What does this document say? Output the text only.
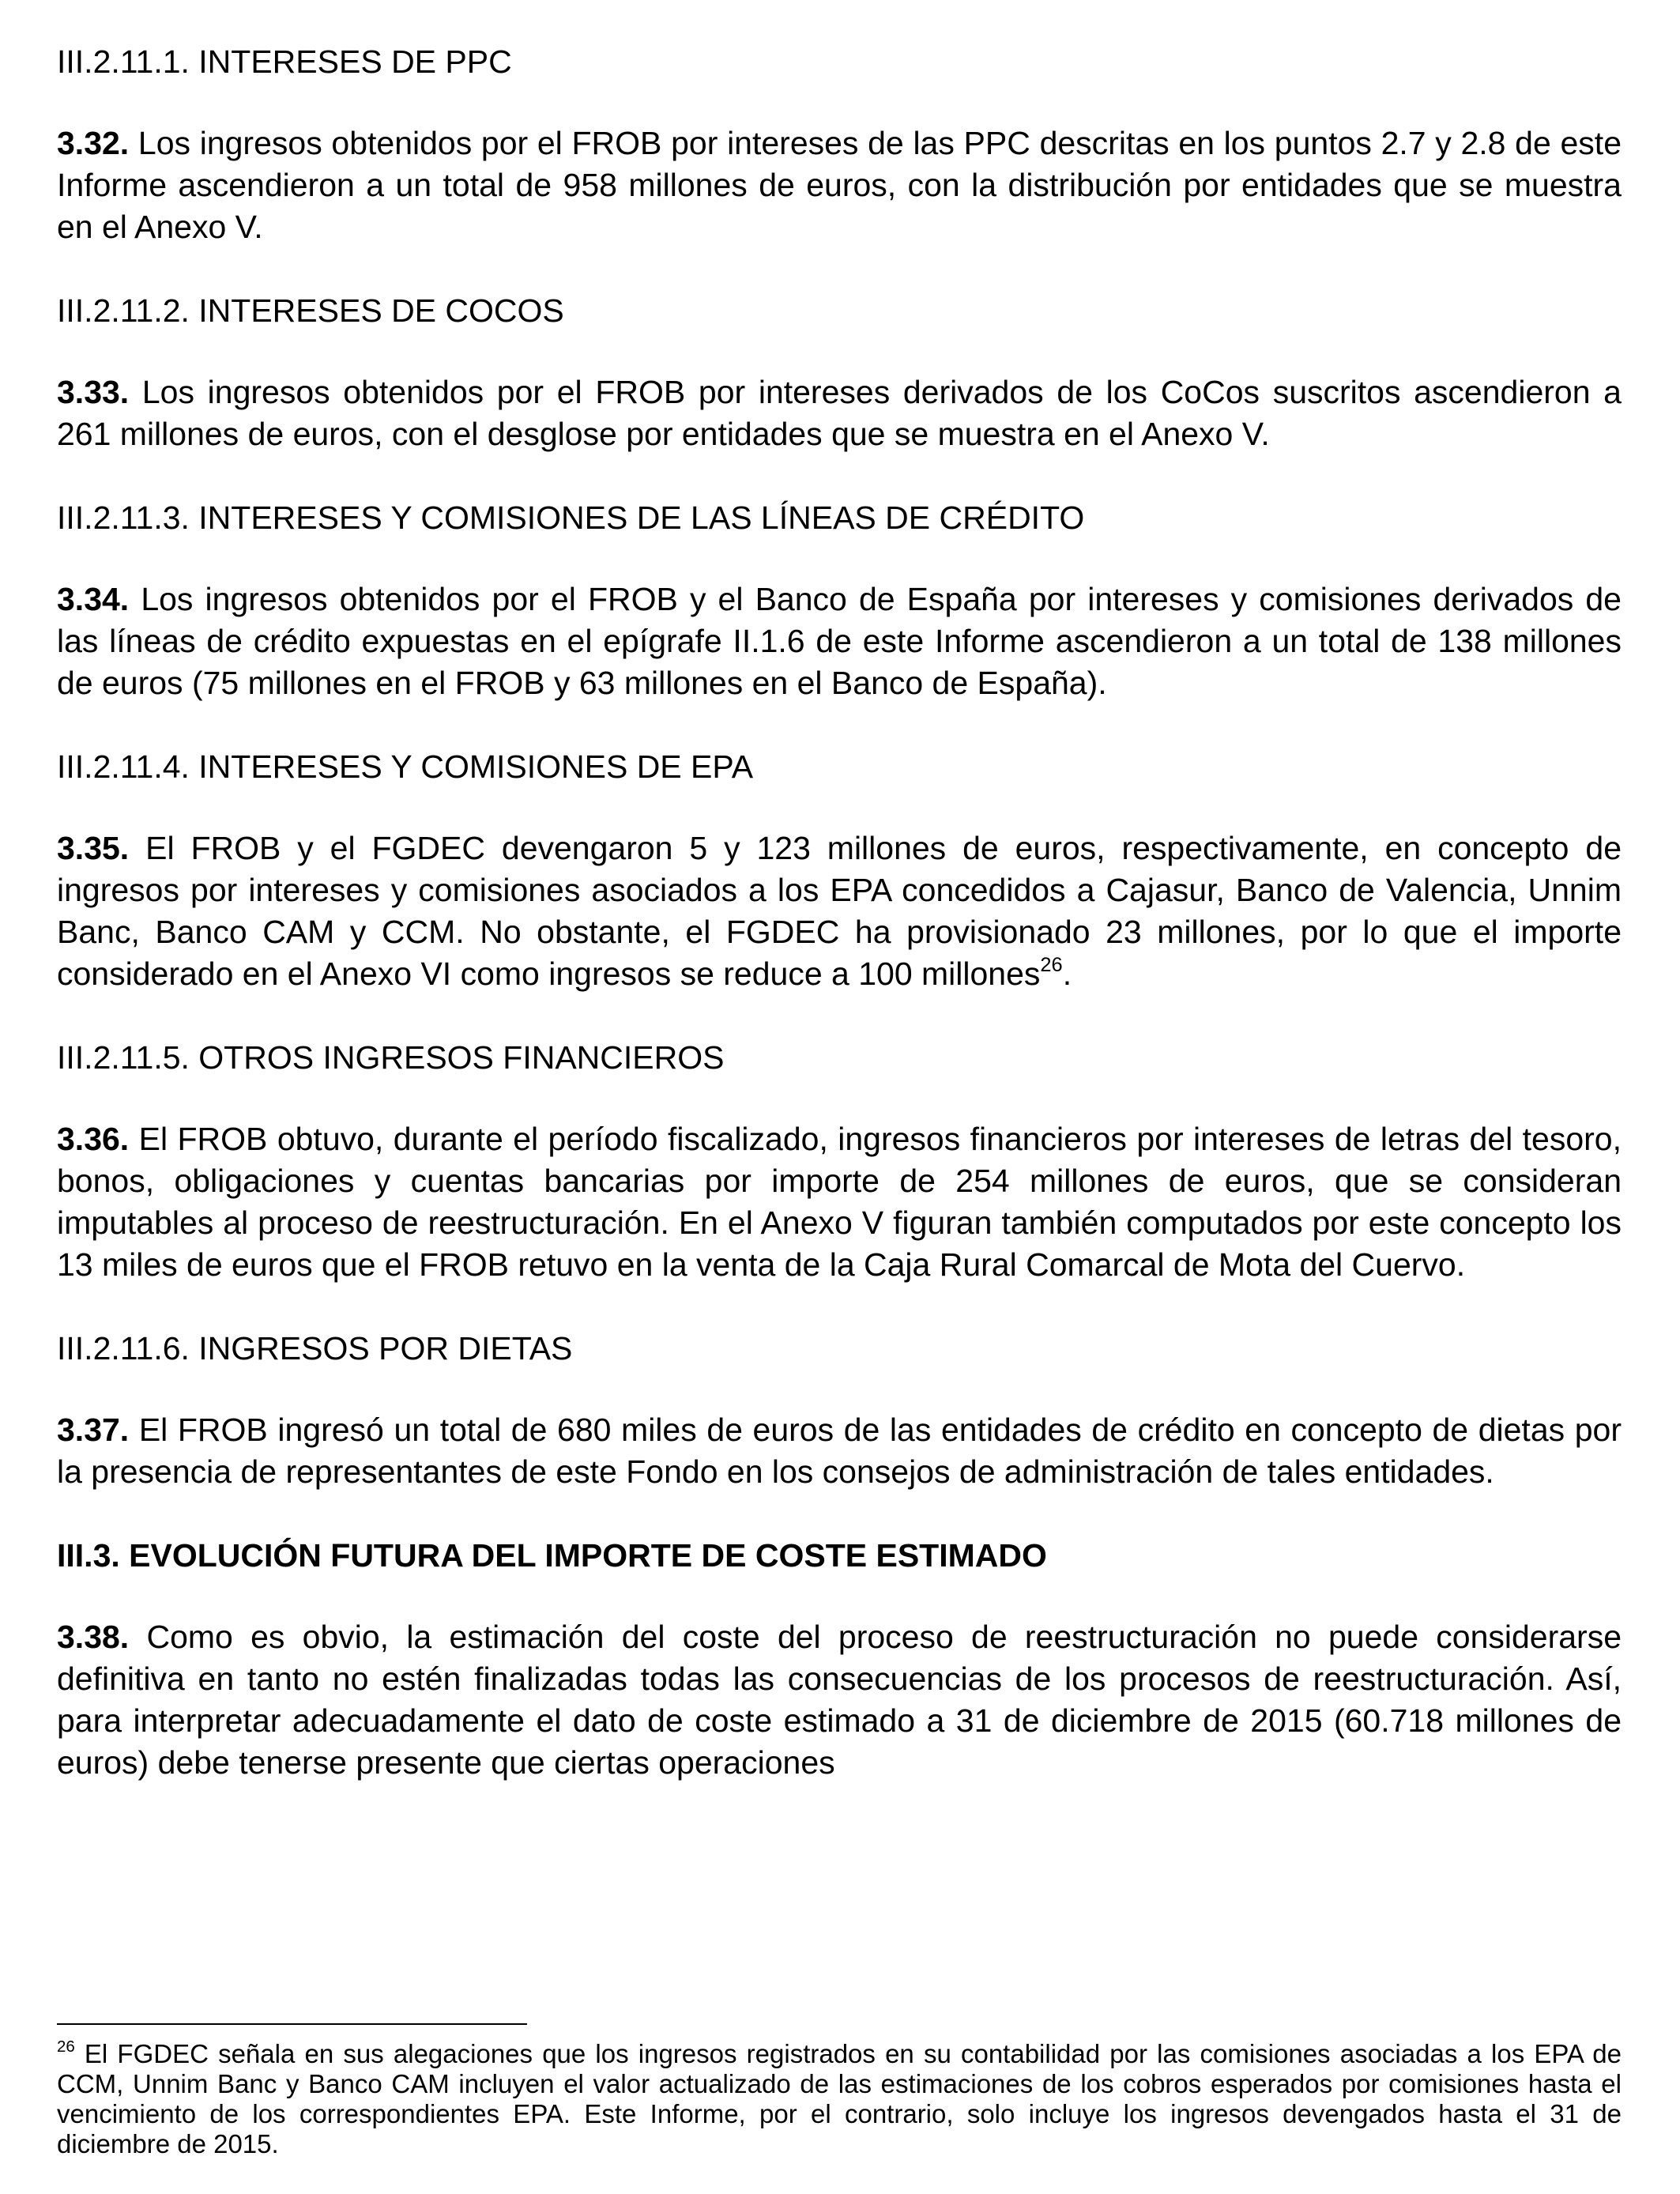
III.2.11.1. INTERESES DE PPC

3.32. Los ingresos obtenidos por el FROB por intereses de las PPC descritas en los puntos 2.7 y 2.8 de este Informe ascendieron a un total de 958 millones de euros, con la distribución por entidades que se muestra en el Anexo V.

III.2.11.2. INTERESES DE COCOS

3.33. Los ingresos obtenidos por el FROB por intereses derivados de los CoCos suscritos ascendieron a 261 millones de euros, con el desglose por entidades que se muestra en el Anexo V.

III.2.11.3. INTERESES Y COMISIONES DE LAS LÍNEAS DE CRÉDITO

3.34. Los ingresos obtenidos por el FROB y el Banco de España por intereses y comisiones derivados de las líneas de crédito expuestas en el epígrafe II.1.6 de este Informe ascendieron a un total de 138 millones de euros (75 millones en el FROB y 63 millones en el Banco de España).

III.2.11.4. INTERESES Y COMISIONES DE EPA

3.35. El FROB y el FGDEC devengaron 5 y 123 millones de euros, respectivamente, en concepto de ingresos por intereses y comisiones asociados a los EPA concedidos a Cajasur, Banco de Valencia, Unnim Banc, Banco CAM y CCM. No obstante, el FGDEC ha provisionado 23 millones, por lo que el importe considerado en el Anexo VI como ingresos se reduce a 100 millones$^{26}$.

III.2.11.5. OTROS INGRESOS FINANCIEROS

3.36. El FROB obtuvo, durante el período fiscalizado, ingresos financieros por intereses de letras del tesoro, bonos, obligaciones y cuentas bancarias por importe de 254 millones de euros, que se consideran imputables al proceso de reestructuración. En el Anexo V figuran también computados por este concepto los 13 miles de euros que el FROB retuvo en la venta de la Caja Rural Comarcal de Mota del Cuervo.

III.2.11.6. INGRESOS POR DIETAS

3.37. El FROB ingresó un total de 680 miles de euros de las entidades de crédito en concepto de dietas por la presencia de representantes de este Fondo en los consejos de administración de tales entidades.

III.3. EVOLUCIÓN FUTURA DEL IMPORTE DE COSTE ESTIMADO

3.38. Como es obvio, la estimación del coste del proceso de reestructuración no puede considerarse definitiva en tanto no estén finalizadas todas las consecuencias de los procesos de reestructuración. Así, para interpretar adecuadamente el dato de coste estimado a 31 de diciembre de 2015 (60.718 millones de euros) debe tenerse presente que ciertas operaciones

$^{26}$ El FGDEC señala en sus alegaciones que los ingresos registrados en su contabilidad por las comisiones asociadas a los EPA de CCM, Unnim Banc y Banco CAM incluyen el valor actualizado de las estimaciones de los cobros esperados por comisiones hasta el vencimiento de los correspondientes EPA. Este Informe, por el contrario, solo incluye los ingresos devengados hasta el 31 de diciembre de 2015.
